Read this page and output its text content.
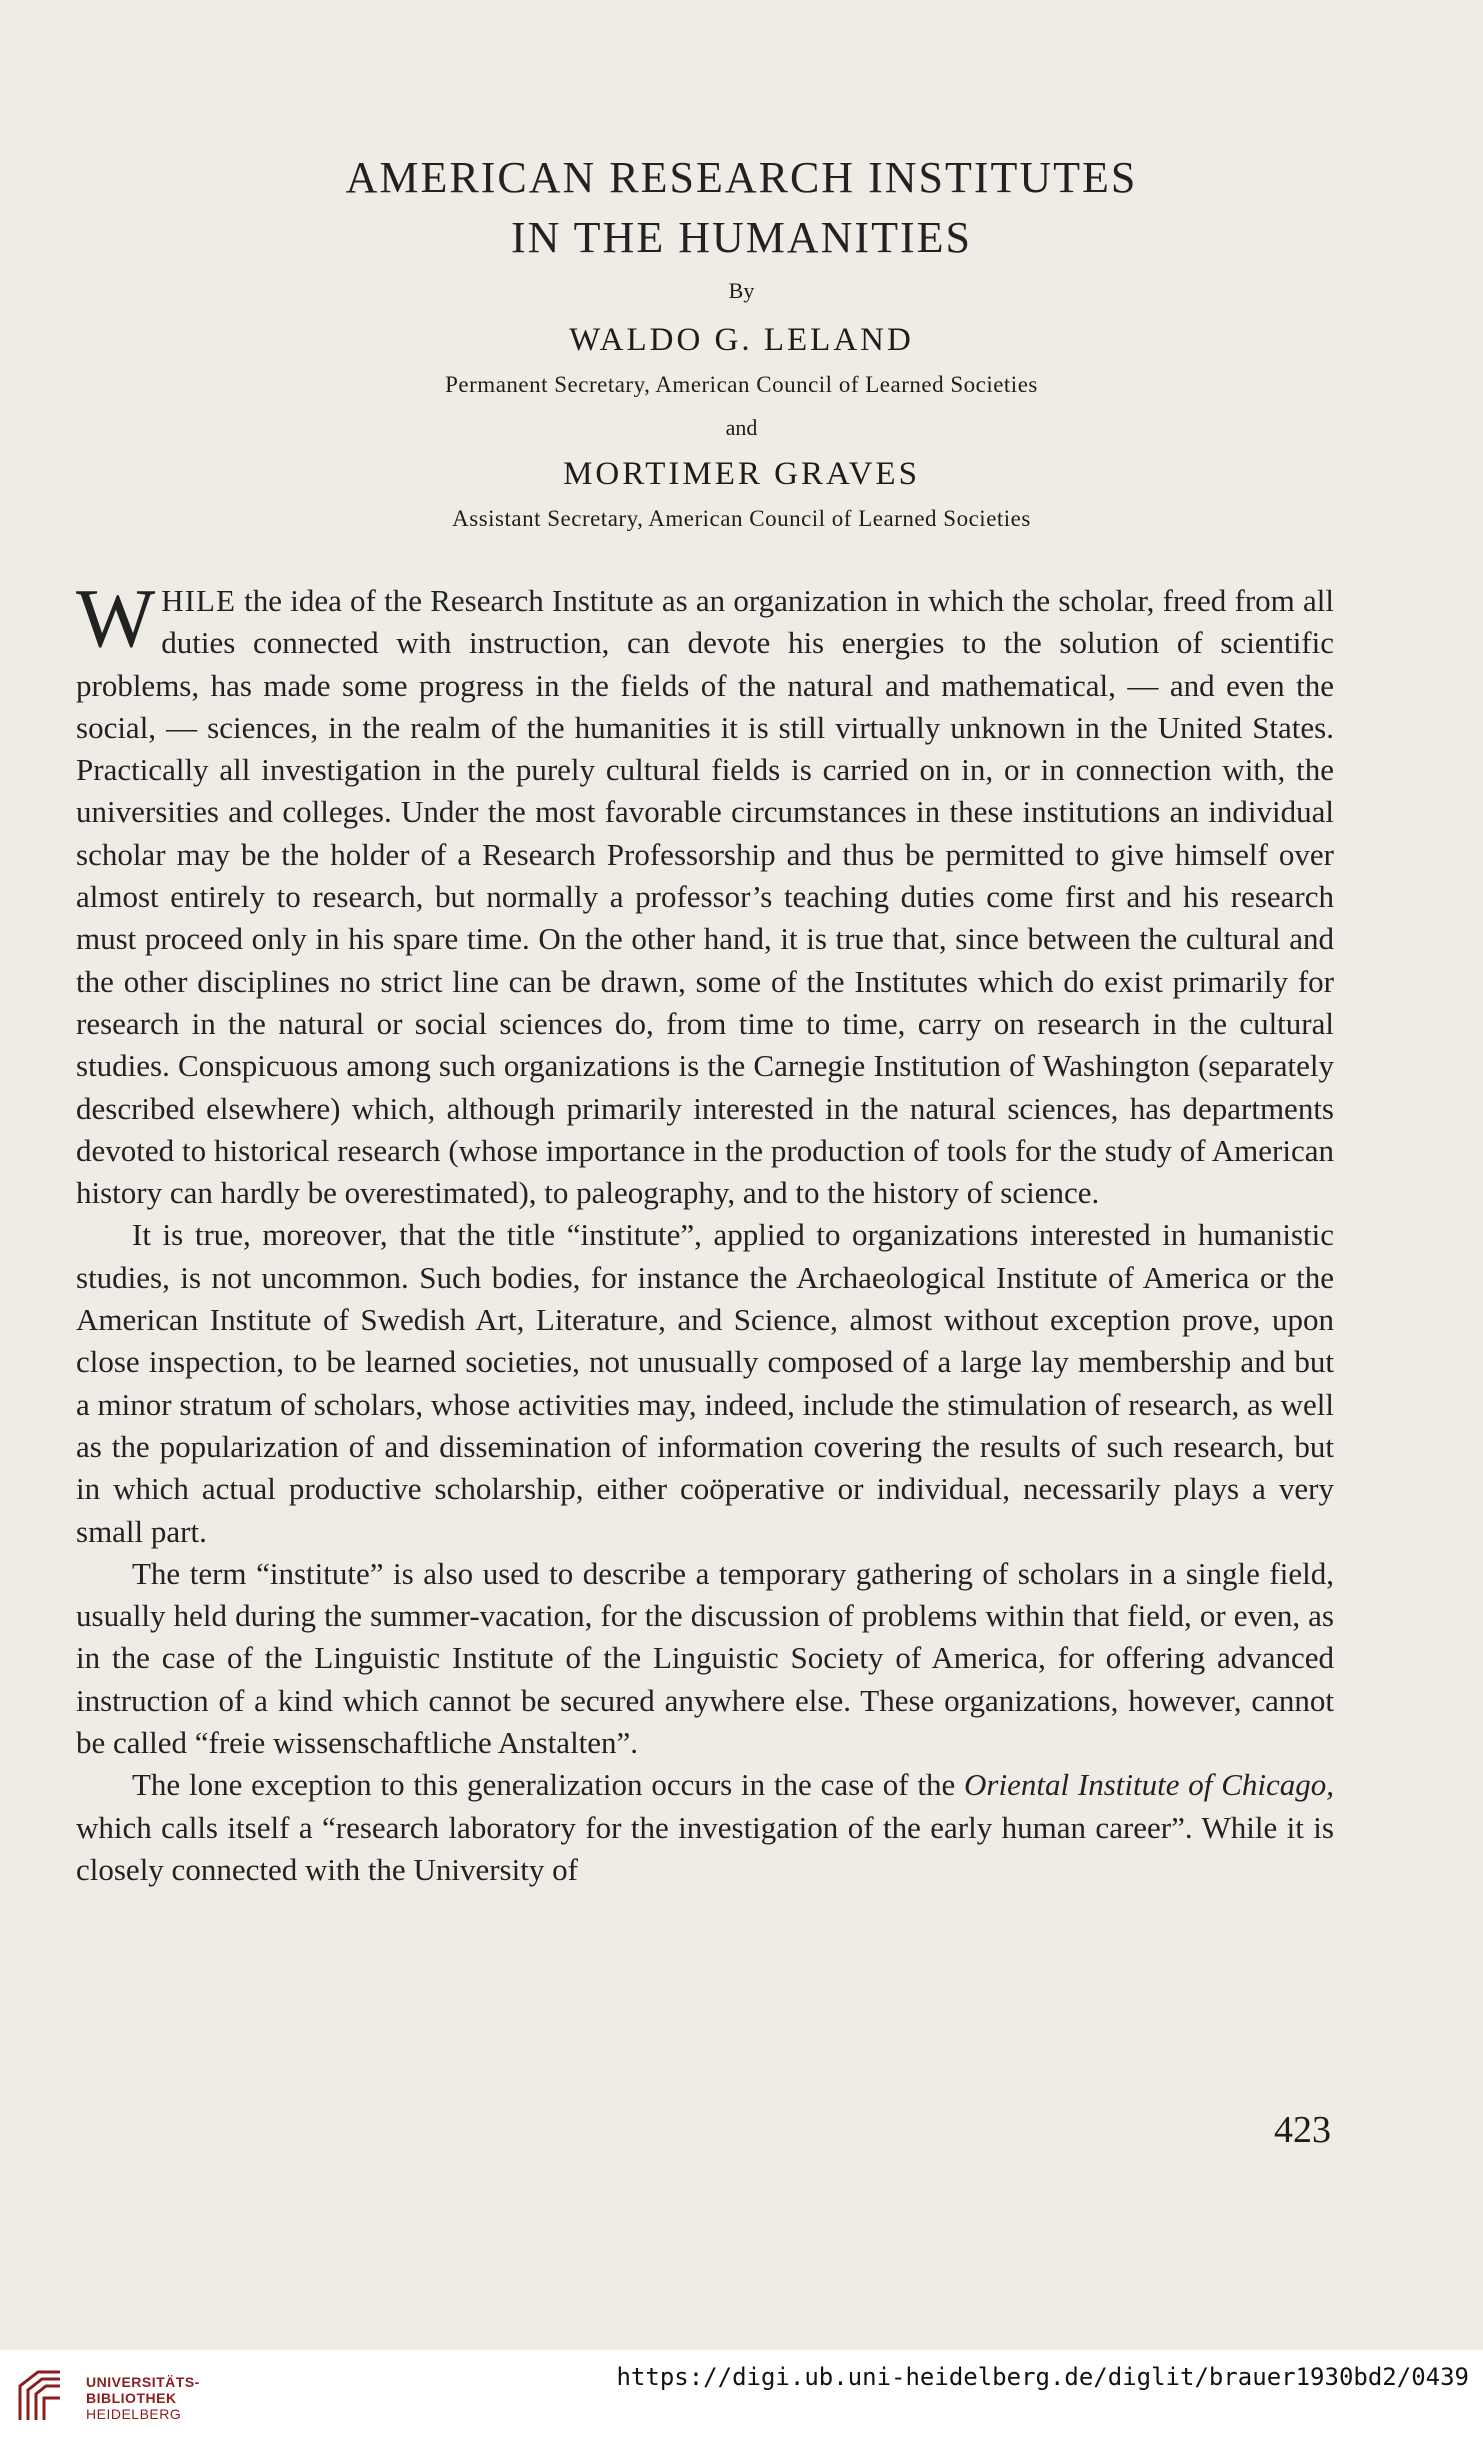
AMERICAN RESEARCH INSTITUTES
IN THE HUMANITIES
By
WALDO G. LELAND
Permanent Secretary, American Council of Learned Societies
and
MORTIMER GRAVES
Assistant Secretary, American Council of Learned Societies

WHILE the idea of the Research Institute as an organization in which the scholar, freed from all duties connected with instruction, can devote his energies to the solution of scientific problems, has made some progress in the fields of the natural and mathematical, — and even the social, — sciences, in the realm of the humanities it is still virtually unknown in the United States. Practically all investigation in the purely cultural fields is carried on in, or in connection with, the universities and colleges. Under the most favorable circumstances in these institutions an individual scholar may be the holder of a Research Professorship and thus be permitted to give himself over almost entirely to research, but normally a professor’s teaching duties come first and his research must proceed only in his spare time. On the other hand, it is true that, since between the cultural and the other disciplines no strict line can be drawn, some of the Institutes which do exist primarily for research in the natural or social sciences do, from time to time, carry on research in the cultural studies. Conspicuous among such organizations is the Carnegie Institution of Washington (separately described elsewhere) which, although primarily interested in the natural sciences, has departments devoted to historical research (whose importance in the production of tools for the study of American history can hardly be overestimated), to paleography, and to the history of science.

It is true, moreover, that the title “institute”, applied to organizations interested in humanistic studies, is not uncommon. Such bodies, for instance the Archaeological Institute of America or the American Institute of Swedish Art, Literature, and Science, almost without exception prove, upon close inspection, to be learned societies, not unusually composed of a large lay membership and but a minor stratum of scholars, whose activities may, indeed, include the stimulation of research, as well as the popularization of and dissemination of information covering the results of such research, but in which actual productive scholarship, either coöperative or individual, necessarily plays a very small part.

The term “institute” is also used to describe a temporary gathering of scholars in a single field, usually held during the summer-vacation, for the discussion of problems within that field, or even, as in the case of the Linguistic Institute of the Linguistic Society of America, for offering advanced instruction of a kind which cannot be secured anywhere else. These organizations, however, cannot be called “freie wissenschaftliche Anstalten”.

The lone exception to this generalization occurs in the case of the Oriental Institute of Chicago, which calls itself a “research laboratory for the investigation of the early human career”. While it is closely connected with the University of

423
UNIVERSITÄTS-
BIBLIOTHEK
HEIDELBERG
https://digi.ub.uni-heidelberg.de/diglit/brauer1930bd2/0439
